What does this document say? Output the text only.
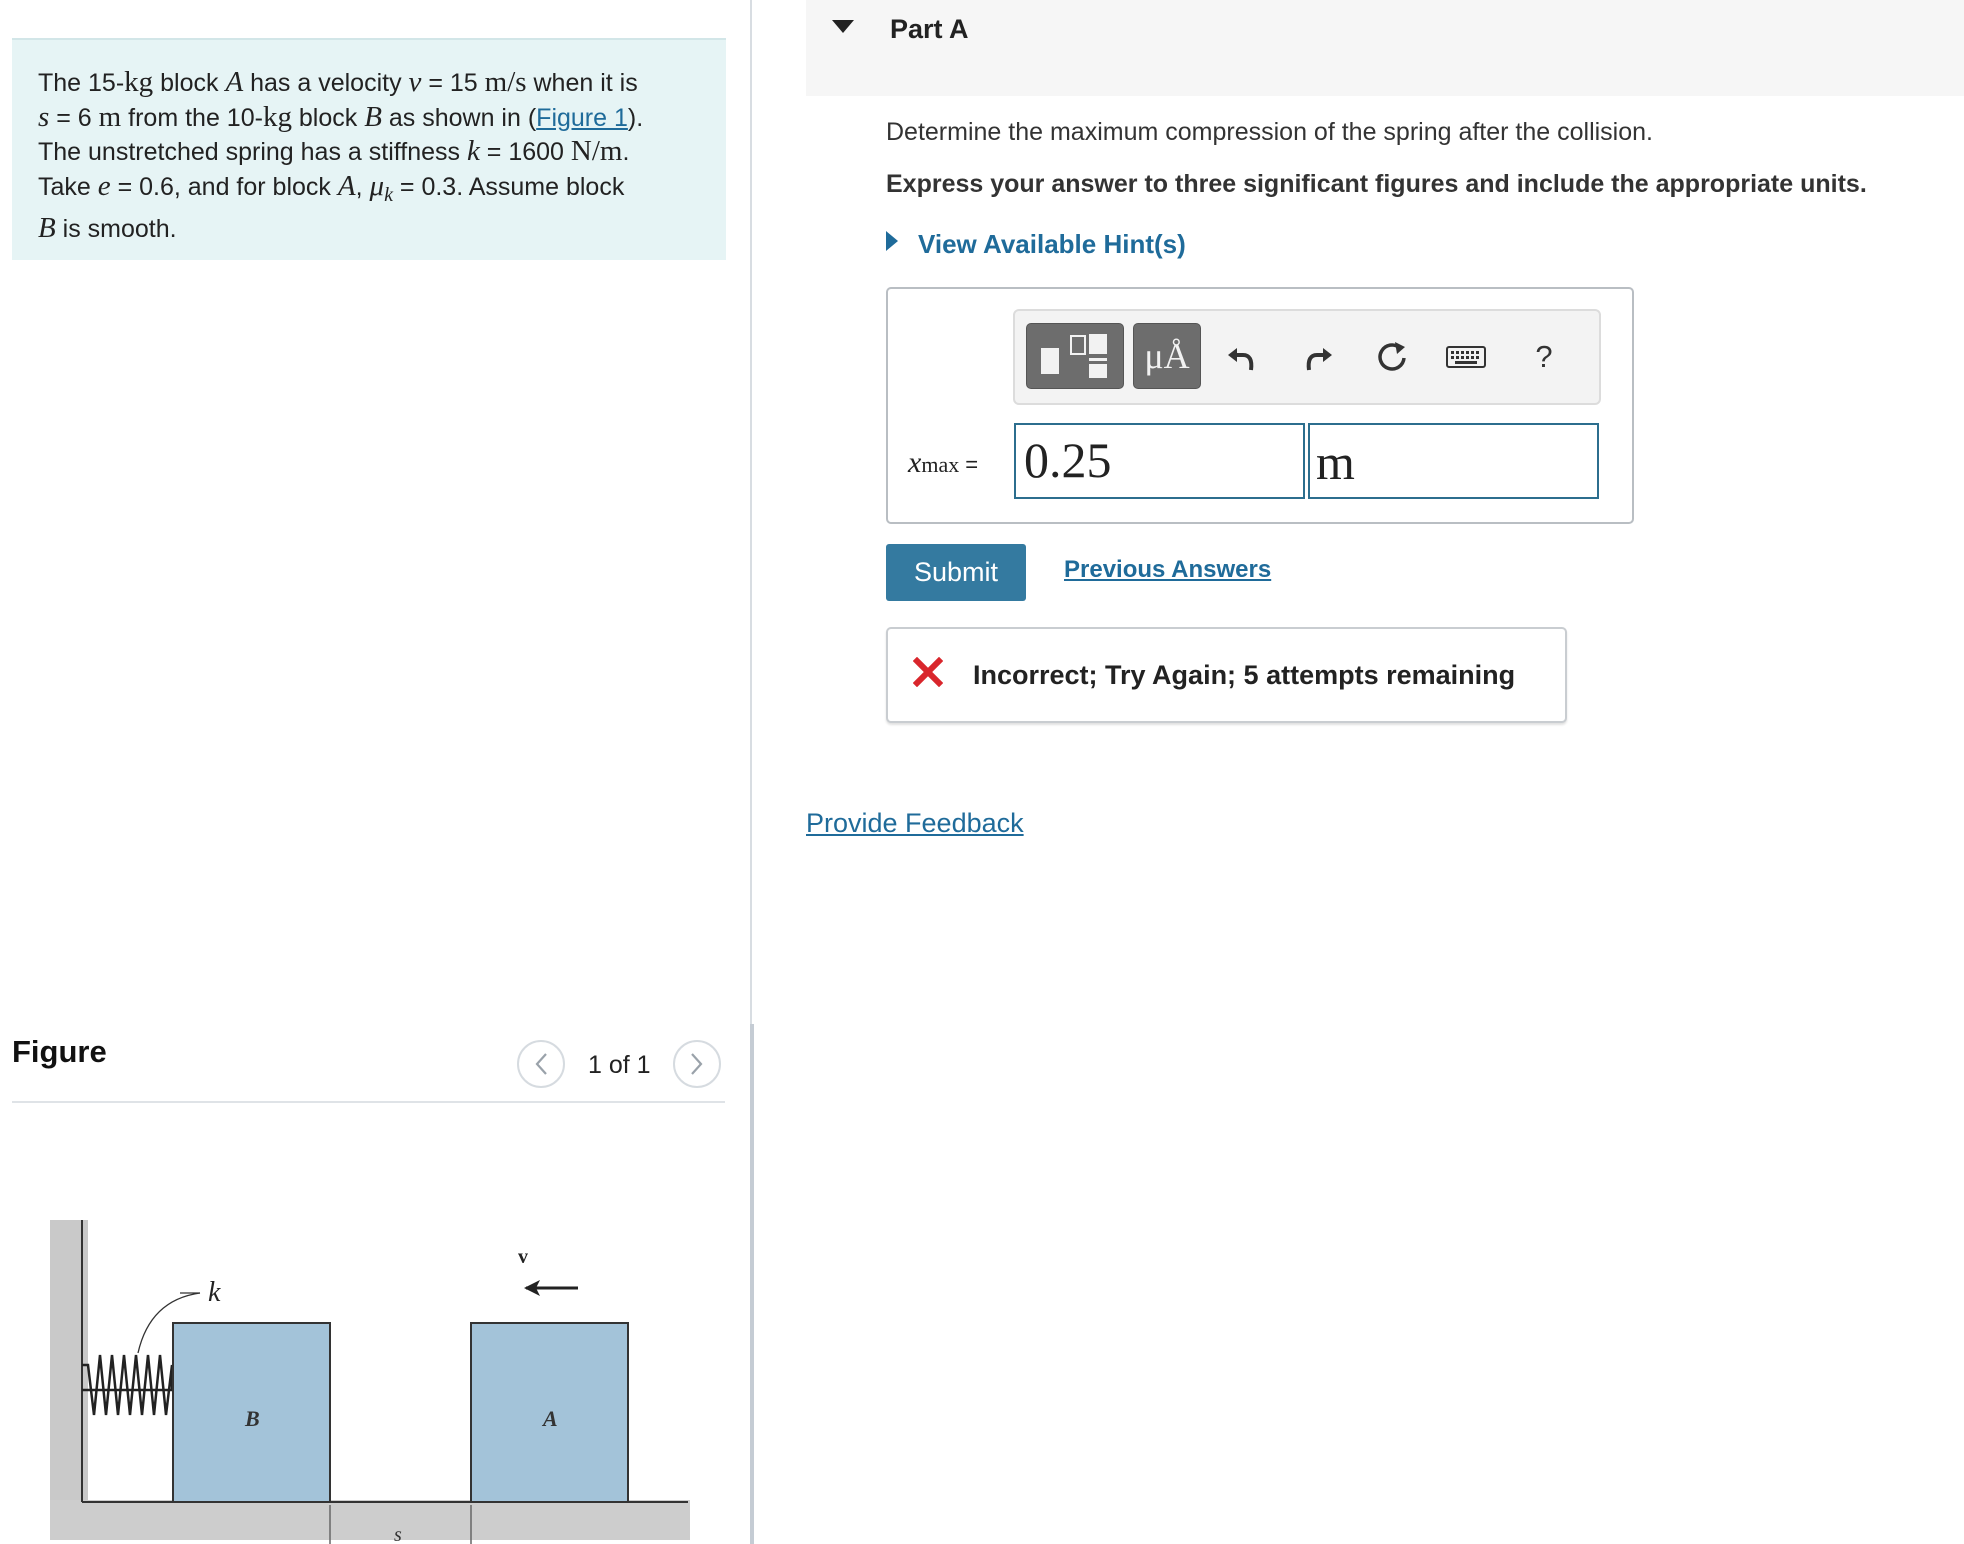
The 15-kg block A has a velocity v = 15 m/s when it is
s = 6 m from the 10-kg block B as shown in (Figure 1).
The unstretched spring has a stiffness k = 1600 N/m.
Take e = 0.6, and for block A, $\mu_k = 0.3$. Assume block
B is smooth.
Figure	1 of 1
k
B	A
v
s
Part A
Determine the maximum compression of the spring after the collision.
Express your answer to three significant figures and include the appropriate units.
View Available Hint(s)
μÅ	?
xmax = 0.25	m
Submit	Previous Answers
Incorrect; Try Again; 5 attempts remaining
Provide Feedback
